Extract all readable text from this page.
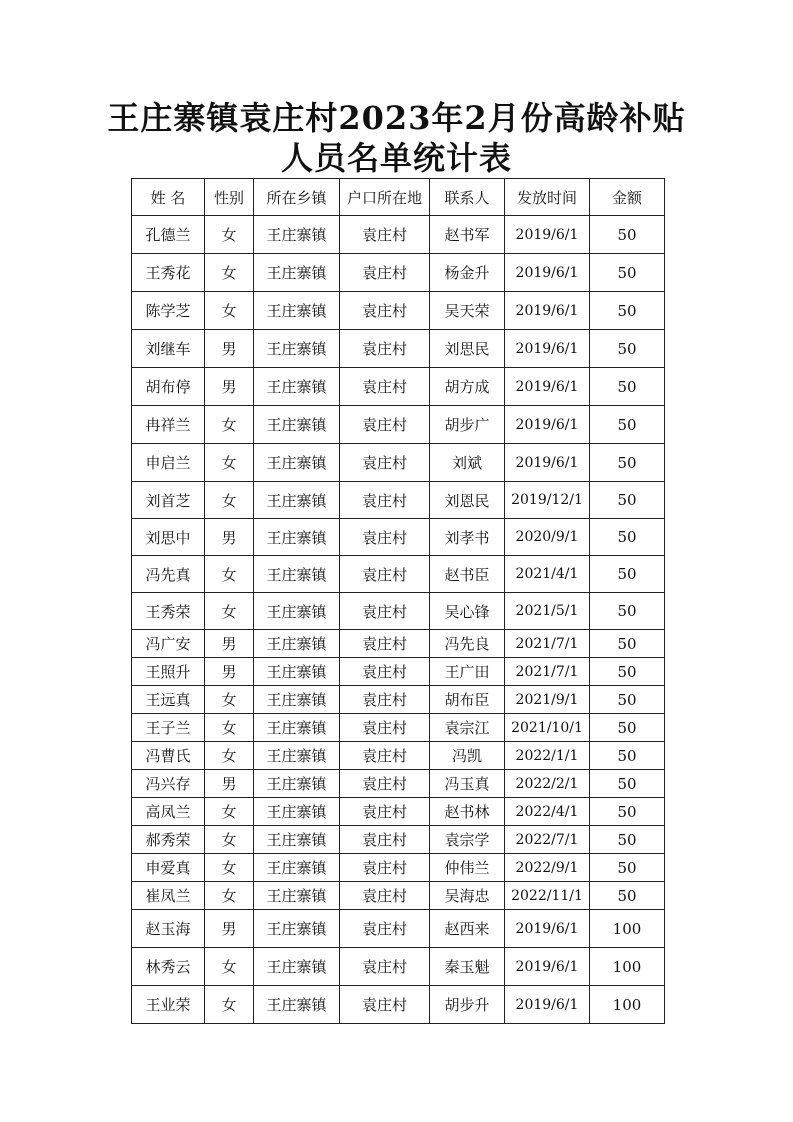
王庄寨镇袁庄村2023年2月份高龄补贴
人员名单统计表
姓 名	性别	所在乡镇	户口所在地	联系人	发放时间	金额
孔德兰	女	王庄寨镇	袁庄村	赵书军	2019/6/1	50
王秀花	女	王庄寨镇	袁庄村	杨金升	2019/6/1	50
陈学芝	女	王庄寨镇	袁庄村	吴天荣	2019/6/1	50
刘继车	男	王庄寨镇	袁庄村	刘思民	2019/6/1	50
胡布停	男	王庄寨镇	袁庄村	胡方成	2019/6/1	50
冉祥兰	女	王庄寨镇	袁庄村	胡步广	2019/6/1	50
申启兰	女	王庄寨镇	袁庄村	刘斌	2019/6/1	50
刘首芝	女	王庄寨镇	袁庄村	刘恩民	2019/12/1	50
刘思中	男	王庄寨镇	袁庄村	刘孝书	2020/9/1	50
冯先真	女	王庄寨镇	袁庄村	赵书臣	2021/4/1	50
王秀荣	女	王庄寨镇	袁庄村	吴心锋	2021/5/1	50
冯广安	男	王庄寨镇	袁庄村	冯先良	2021/7/1	50
王照升	男	王庄寨镇	袁庄村	王广田	2021/7/1	50
王远真	女	王庄寨镇	袁庄村	胡布臣	2021/9/1	50
王子兰	女	王庄寨镇	袁庄村	袁宗江	2021/10/1	50
冯曹氏	女	王庄寨镇	袁庄村	冯凯	2022/1/1	50
冯兴存	男	王庄寨镇	袁庄村	冯玉真	2022/2/1	50
高凤兰	女	王庄寨镇	袁庄村	赵书林	2022/4/1	50
郝秀荣	女	王庄寨镇	袁庄村	袁宗学	2022/7/1	50
申爱真	女	王庄寨镇	袁庄村	仲伟兰	2022/9/1	50
崔凤兰	女	王庄寨镇	袁庄村	吴海忠	2022/11/1	50
赵玉海	男	王庄寨镇	袁庄村	赵西来	2019/6/1	100
林秀云	女	王庄寨镇	袁庄村	秦玉魁	2019/6/1	100
王业荣	女	王庄寨镇	袁庄村	胡步升	2019/6/1	100
